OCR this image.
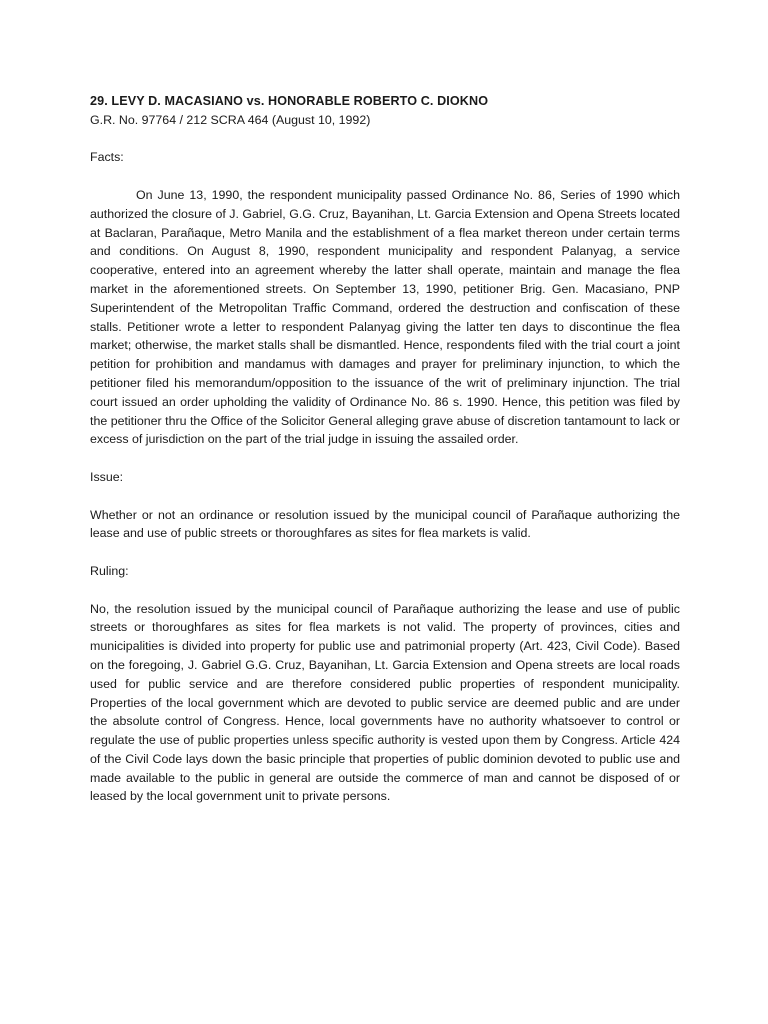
29. LEVY D. MACASIANO vs. HONORABLE ROBERTO C. DIOKNO

G.R. No. 97764 / 212 SCRA 464 (August 10, 1992)

Facts:

On June 13, 1990, the respondent municipality passed Ordinance No. 86, Series of 1990 which authorized the closure of J. Gabriel, G.G. Cruz, Bayanihan, Lt. Garcia Extension and Opena Streets located at Baclaran, Parañaque, Metro Manila and the establishment of a flea market thereon under certain terms and conditions. On August 8, 1990, respondent municipality and respondent Palanyag, a service cooperative, entered into an agreement whereby the latter shall operate, maintain and manage the flea market in the aforementioned streets. On September 13, 1990, petitioner Brig. Gen. Macasiano, PNP Superintendent of the Metropolitan Traffic Command, ordered the destruction and confiscation of these stalls. Petitioner wrote a letter to respondent Palanyag giving the latter ten days to discontinue the flea market; otherwise, the market stalls shall be dismantled. Hence, respondents filed with the trial court a joint petition for prohibition and mandamus with damages and prayer for preliminary injunction, to which the petitioner filed his memorandum/opposition to the issuance of the writ of preliminary injunction. The trial court issued an order upholding the validity of Ordinance No. 86 s. 1990. Hence, this petition was filed by the petitioner thru the Office of the Solicitor General alleging grave abuse of discretion tantamount to lack or excess of jurisdiction on the part of the trial judge in issuing the assailed order.

Issue:

Whether or not an ordinance or resolution issued by the municipal council of Parañaque authorizing the lease and use of public streets or thoroughfares as sites for flea markets is valid.

Ruling:

No, the resolution issued by the municipal council of Parañaque authorizing the lease and use of public streets or thoroughfares as sites for flea markets is not valid. The property of provinces, cities and municipalities is divided into property for public use and patrimonial property (Art. 423, Civil Code). Based on the foregoing, J. Gabriel G.G. Cruz, Bayanihan, Lt. Garcia Extension and Opena streets are local roads used for public service and are therefore considered public properties of respondent municipality. Properties of the local government which are devoted to public service are deemed public and are under the absolute control of Congress. Hence, local governments have no authority whatsoever to control or regulate the use of public properties unless specific authority is vested upon them by Congress. Article 424 of the Civil Code lays down the basic principle that properties of public dominion devoted to public use and made available to the public in general are outside the commerce of man and cannot be disposed of or leased by the local government unit to private persons.
